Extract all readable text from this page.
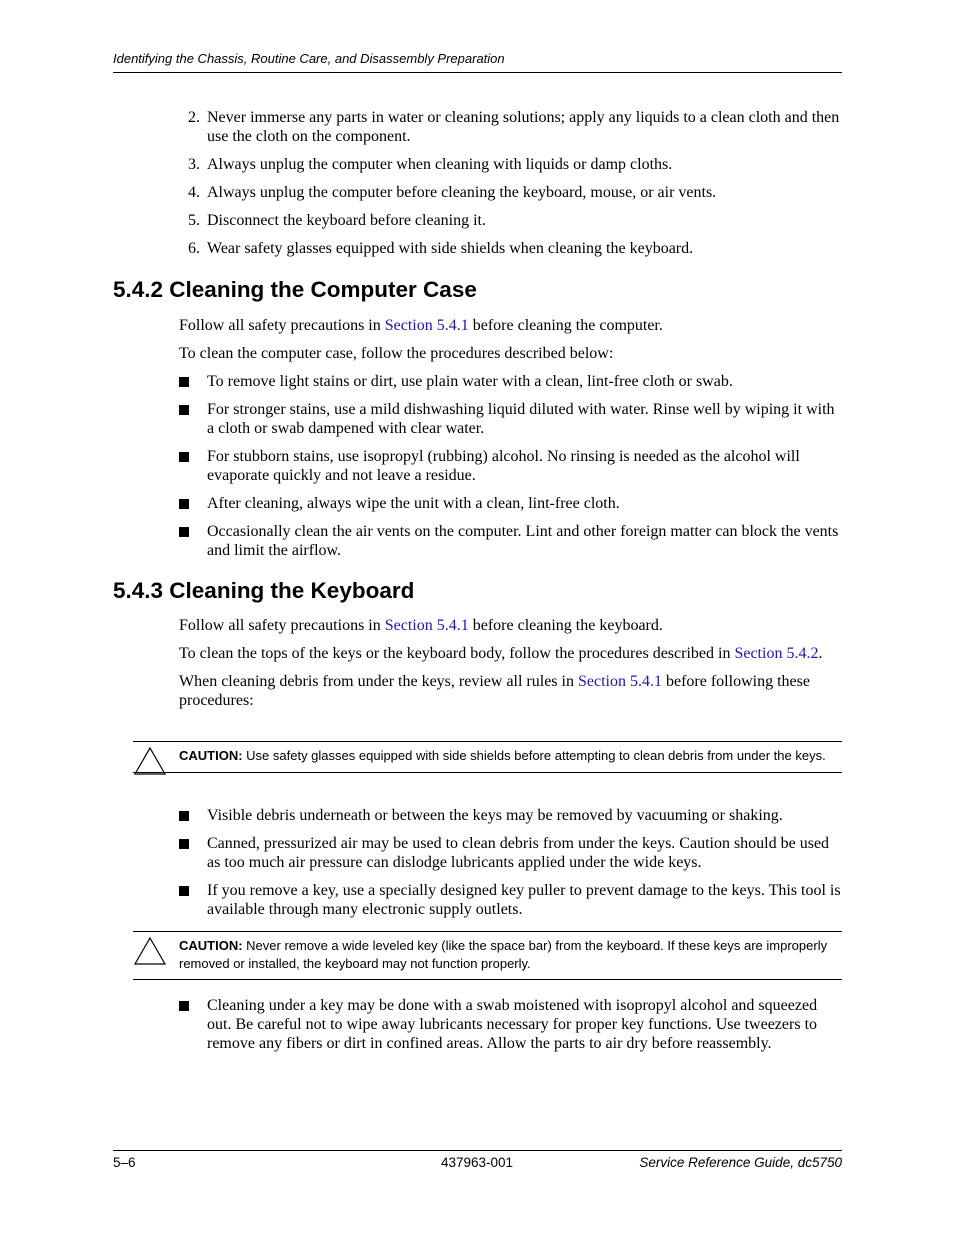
Identifying the Chassis, Routine Care, and Disassembly Preparation
2. Never immerse any parts in water or cleaning solutions; apply any liquids to a clean cloth and then use the cloth on the component.
3. Always unplug the computer when cleaning with liquids or damp cloths.
4. Always unplug the computer before cleaning the keyboard, mouse, or air vents.
5. Disconnect the keyboard before cleaning it.
6. Wear safety glasses equipped with side shields when cleaning the keyboard.
5.4.2 Cleaning the Computer Case

Follow all safety precautions in Section 5.4.1 before cleaning the computer.

To clean the computer case, follow the procedures described below:

To remove light stains or dirt, use plain water with a clean, lint-free cloth or swab.
For stronger stains, use a mild dishwashing liquid diluted with water. Rinse well by wiping it with a cloth or swab dampened with clear water.
For stubborn stains, use isopropyl (rubbing) alcohol. No rinsing is needed as the alcohol will evaporate quickly and not leave a residue.
After cleaning, always wipe the unit with a clean, lint-free cloth.
Occasionally clean the air vents on the computer. Lint and other foreign matter can block the vents and limit the airflow.
5.4.3 Cleaning the Keyboard

Follow all safety precautions in Section 5.4.1 before cleaning the keyboard.

To clean the tops of the keys or the keyboard body, follow the procedures described in Section 5.4.2.

When cleaning debris from under the keys, review all rules in Section 5.4.1 before following these procedures:

CAUTION: Use safety glasses equipped with side shields before attempting to clean debris from under the keys.
Visible debris underneath or between the keys may be removed by vacuuming or shaking.
Canned, pressurized air may be used to clean debris from under the keys. Caution should be used as too much air pressure can dislodge lubricants applied under the wide keys.
If you remove a key, use a specially designed key puller to prevent damage to the keys. This tool is available through many electronic supply outlets.
CAUTION: Never remove a wide leveled key (like the space bar) from the keyboard. If these keys are improperly removed or installed, the keyboard may not function properly.
Cleaning under a key may be done with a swab moistened with isopropyl alcohol and squeezed out. Be careful not to wipe away lubricants necessary for proper key functions. Use tweezers to remove any fibers or dirt in confined areas. Allow the parts to air dry before reassembly.
5–6	437963-001	Service Reference Guide, dc5750
